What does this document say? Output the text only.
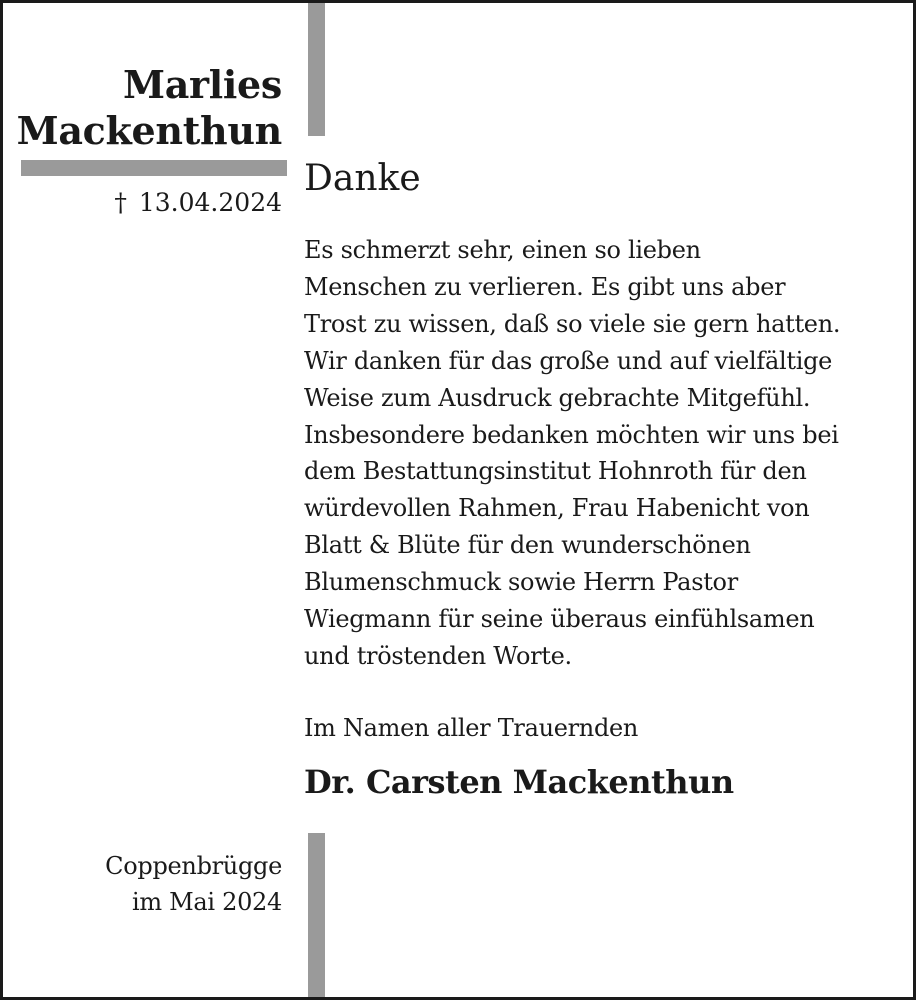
Marlies
Mackenthun
† 13.04.2024
Danke
Es schmerzt sehr, einen so lieben
Menschen zu verlieren. Es gibt uns aber
Trost zu wissen, daß so viele sie gern hatten.
Wir danken für das große und auf vielfältige
Weise zum Ausdruck gebrachte Mitgefühl.
Insbesondere bedanken möchten wir uns bei
dem Bestattungsinstitut Hohnroth für den
würdevollen Rahmen, Frau Habenicht von
Blatt & Blüte für den wunderschönen
Blumenschmuck sowie Herrn Pastor
Wiegmann für seine überaus einfühlsamen
und tröstenden Worte.
Im Namen aller Trauernden
Dr. Carsten Mackenthun
Coppenbrügge
im Mai 2024
